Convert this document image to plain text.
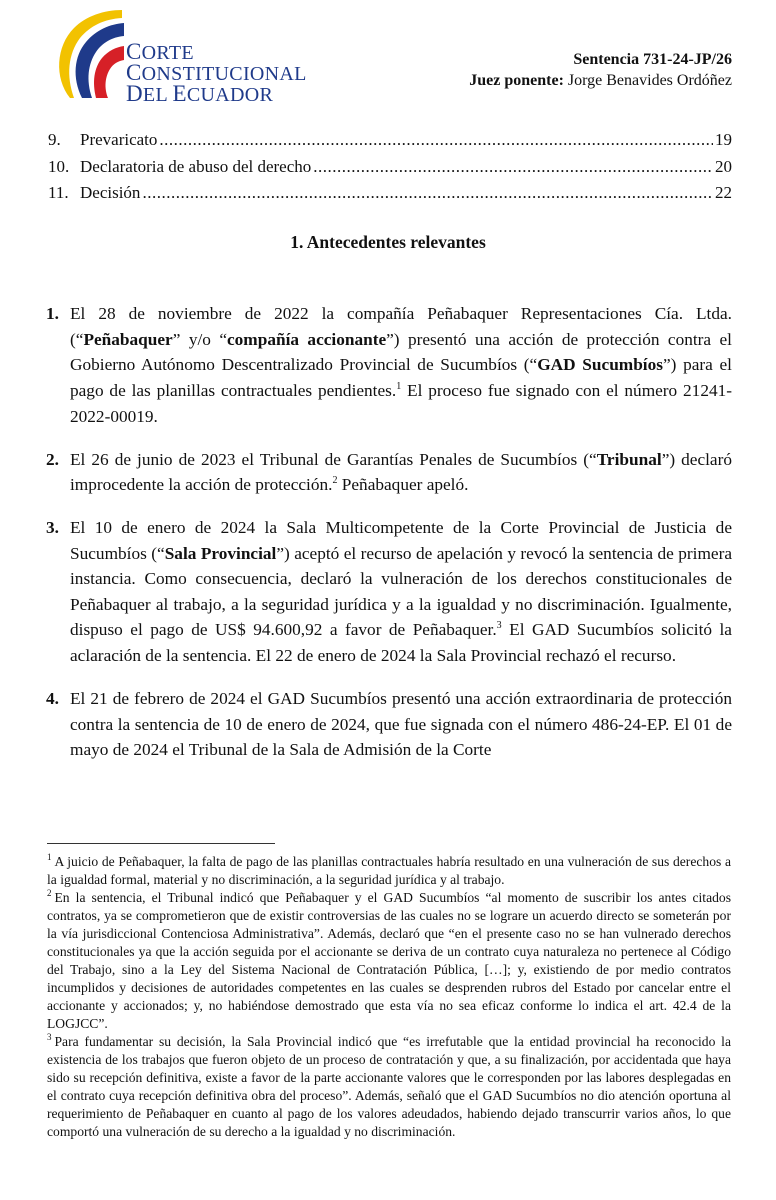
CORTE
CONSTITUCIONAL
DEL ECUADOR
Sentencia 731-24-JP/26
Juez ponente: Jorge Benavides Ordóñez
9.	Prevaricato .....	19
10. Declaratoria de abuso del derecho .....	20
11. Decisión .....	22
1. Antecedentes relevantes

1. El 28 de noviembre de 2022 la compañía Peñabaquer Representaciones Cía. Ltda. (“Peñabaquer” y/o “compañía accionante”) presentó una acción de protección contra el Gobierno Autónomo Descentralizado Provincial de Sucumbíos (“GAD Sucumbíos”) para el pago de las planillas contractuales pendientes.$^1$ El proceso fue signado con el número 21241-2022-00019.

2. El 26 de junio de 2023 el Tribunal de Garantías Penales de Sucumbíos (“Tribunal”) declaró improcedente la acción de protección.$^2$ Peñabaquer apeló.

3. El 10 de enero de 2024 la Sala Multicompetente de la Corte Provincial de Justicia de Sucumbíos (“Sala Provincial”) aceptó el recurso de apelación y revocó la sentencia de primera instancia. Como consecuencia, declaró la vulneración de los derechos constitucionales de Peñabaquer al trabajo, a la seguridad jurídica y a la igualdad y no discriminación. Igualmente, dispuso el pago de US$ 94.600,92 a favor de Peñabaquer.$^3$ El GAD Sucumbíos solicitó la aclaración de la sentencia. El 22 de enero de 2024 la Sala Provincial rechazó el recurso.

4. El 21 de febrero de 2024 el GAD Sucumbíos presentó una acción extraordinaria de protección contra la sentencia de 10 de enero de 2024, que fue signada con el número 486-24-EP. El 01 de mayo de 2024 el Tribunal de la Sala de Admisión de la Corte

$^1$ A juicio de Peñabaquer, la falta de pago de las planillas contractuales habría resultado en una vulneración de sus derechos a la igualdad formal, material y no discriminación, a la seguridad jurídica y al trabajo.

$^2$ En la sentencia, el Tribunal indicó que Peñabaquer y el GAD Sucumbíos “al momento de suscribir los antes citados contratos, ya se comprometieron que de existir controversias de las cuales no se lograre un acuerdo directo se someterán por la vía jurisdiccional Contenciosa Administrativa”. Además, declaró que “en el presente caso no se han vulnerado derechos constitucionales ya que la acción seguida por el accionante se deriva de un contrato cuya naturaleza no pertenece al Código del Trabajo, sino a la Ley del Sistema Nacional de Contratación Pública, […]; y, existiendo de por medio contratos incumplidos y decisiones de autoridades competentes en las cuales se desprenden rubros del Estado por cancelar entre el accionante y accionados; y, no habiéndose demostrado que esta vía no sea eficaz conforme lo indica el art. 42.4 de la LOGJCC”.

$^3$ Para fundamentar su decisión, la Sala Provincial indicó que “es irrefutable que la entidad provincial ha reconocido la existencia de los trabajos que fueron objeto de un proceso de contratación y que, a su finalización, por accidentada que haya sido su recepción definitiva, existe a favor de la parte accionante valores que le corresponden por las labores desplegadas en el contrato cuya recepción definitiva obra del proceso”. Además, señaló que el GAD Sucumbíos no dio atención oportuna al requerimiento de Peñabaquer en cuanto al pago de los valores adeudados, habiendo dejado transcurrir varios años, lo que comportó una vulneración de su derecho a la igualdad y no discriminación.
